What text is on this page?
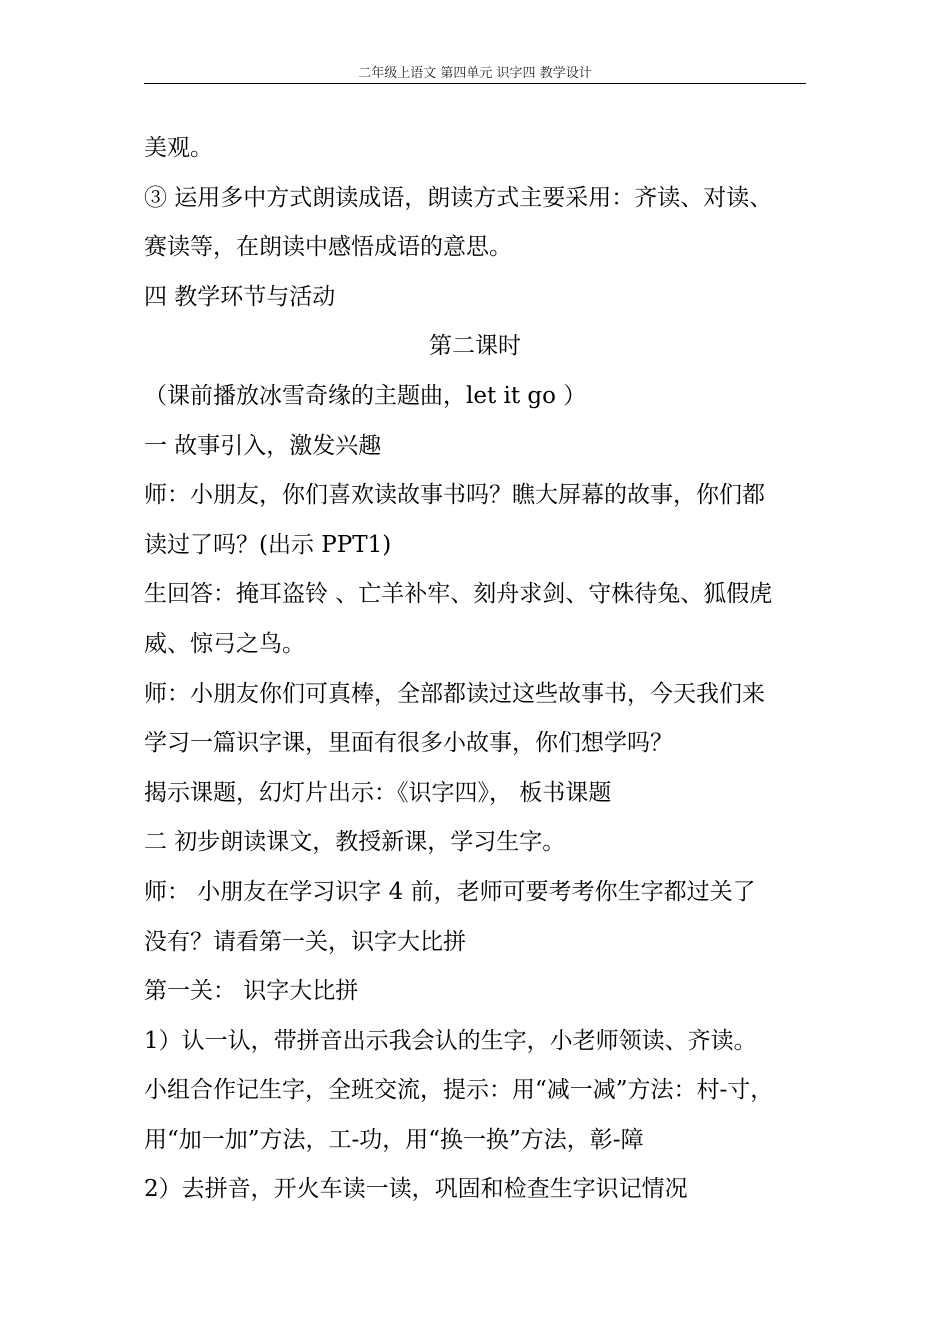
二年级上语文 第四单元 识字四 教学设计
美观。
③ 运用多中方式朗读成语，朗读方式主要采用：齐读、对读、
赛读等，在朗读中感悟成语的意思。
四 教学环节与活动
第二课时
（课前播放冰雪奇缘的主题曲，let it go ）
一 故事引入，激发兴趣
师：小朋友，你们喜欢读故事书吗？瞧大屏幕的故事，你们都
读过了吗？(出示 PPT1)
生回答：掩耳盗铃 、亡羊补牢、刻舟求剑、守株待兔、狐假虎
威、惊弓之鸟。
师：小朋友你们可真棒，全部都读过这些故事书，今天我们来
学习一篇识字课，里面有很多小故事，你们想学吗？
揭示课题，幻灯片出示：《识字四》， 板书课题
二 初步朗读课文，教授新课，学习生字。
师： 小朋友在学习识字 4 前，老师可要考考你生字都过关了
没有？请看第一关，识字大比拼
第一关： 识字大比拼
1）认一认，带拼音出示我会认的生字，小老师领读、齐读。
小组合作记生字，全班交流，提示：用“减一减”方法：村-寸，
用“加一加”方法，工-功，用“换一换”方法，彰-障
2）去拼音，开火车读一读，巩固和检查生字识记情况
